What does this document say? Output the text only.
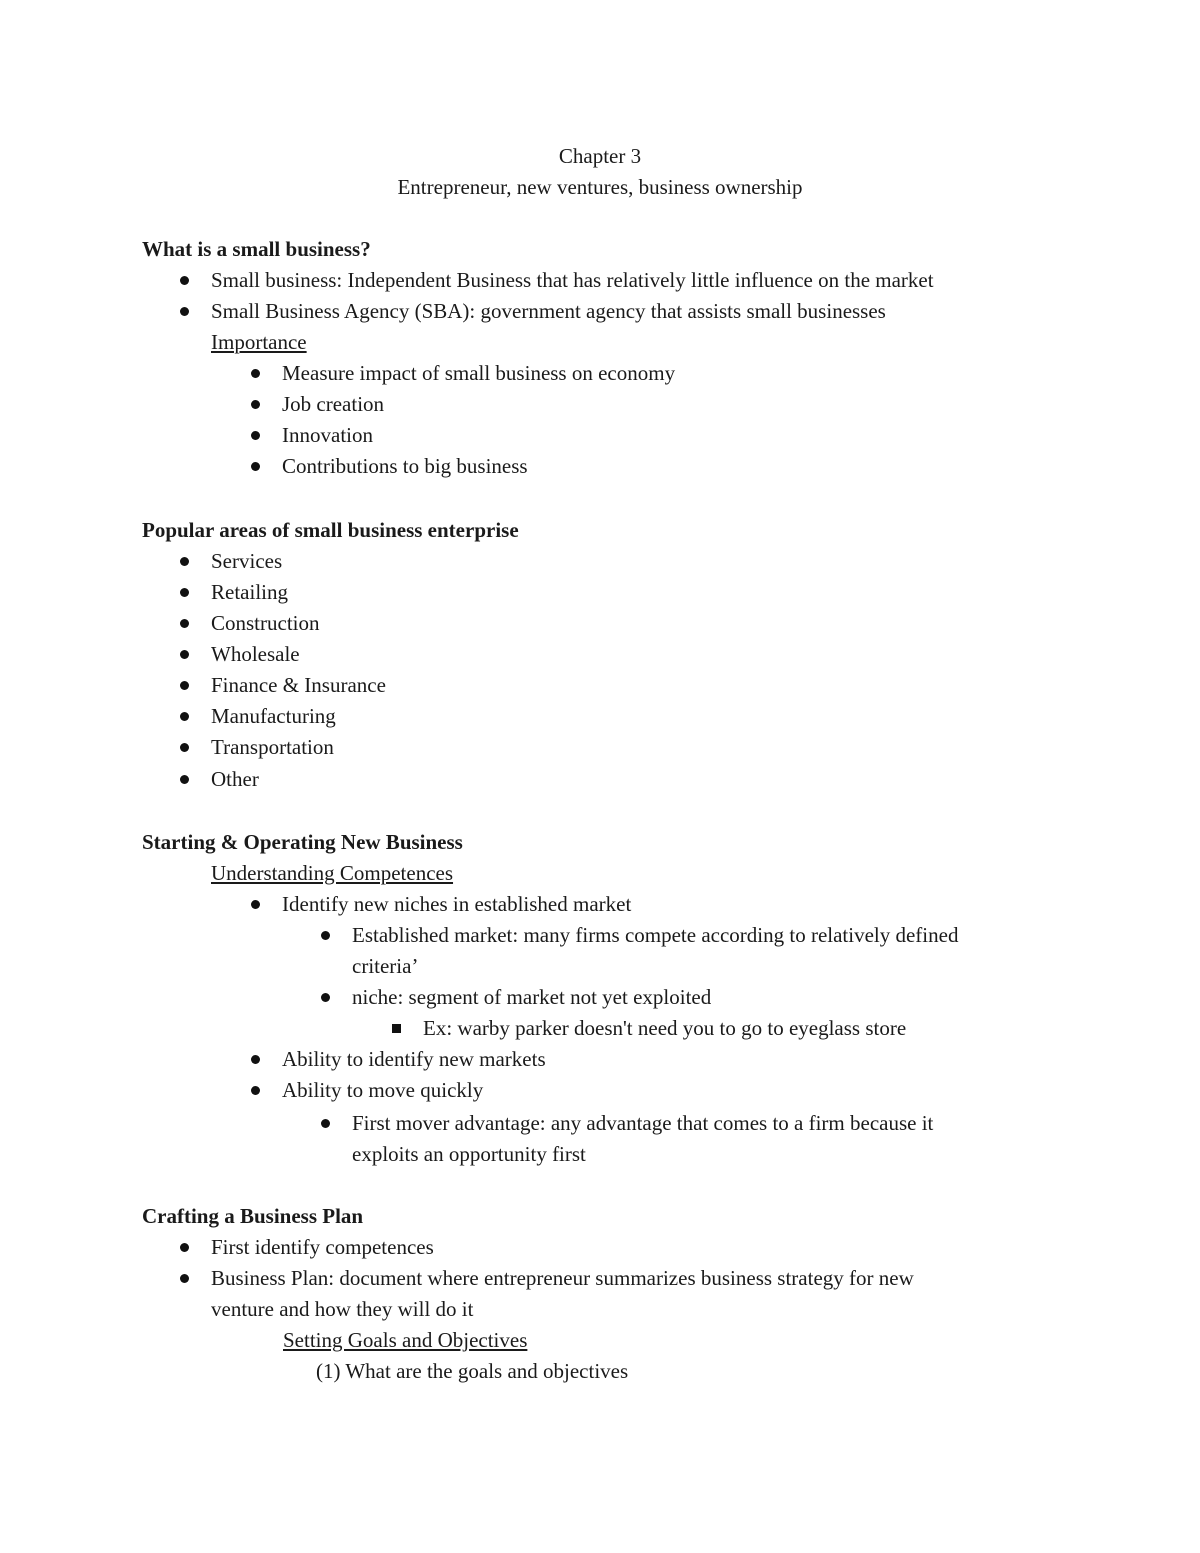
Chapter 3
Entrepreneur, new ventures, business ownership
What is a small business?
Small business: Independent Business that has relatively little influence on the market
Small Business Agency (SBA): government agency that assists small businesses
Importance
Measure impact of small business on economy
Job creation
Innovation
Contributions to big business
Popular areas of small business enterprise
Services
Retailing
Construction
Wholesale
Finance & Insurance
Manufacturing
Transportation
Other
Starting & Operating New Business
Understanding Competences
Identify new niches in established market
Established market: many firms compete according to relatively defined
criteria’
niche: segment of market not yet exploited
Ex: warby parker doesn't need you to go to eyeglass store
Ability to identify new markets
Ability to move quickly
First mover advantage: any advantage that comes to a firm because it
exploits an opportunity first
Crafting a Business Plan
First identify competences
Business Plan: document where entrepreneur summarizes business strategy for new
venture and how they will do it
Setting Goals and Objectives
(1) What are the goals and objectives
